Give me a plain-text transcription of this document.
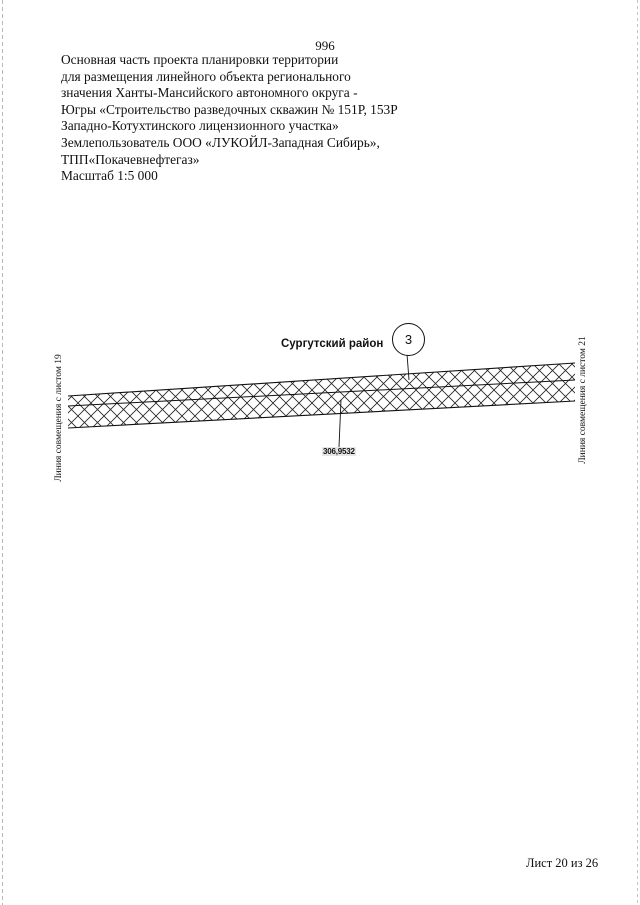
996
Основная часть проекта планировки территории
для размещения линейного объекта регионального
значения Ханты-Мансийского автономного округа -
Югры «Строительство разведочных скважин № 151Р, 153Р
Западно-Котухтинского лицензионного участка»
Землепользователь ООО «ЛУКОЙЛ-Западная Сибирь»,
ТПП«Покачевнефтегаз»
Масштаб 1:5 000
Сургутский район 3
Линия совмещения с листом 19	Линия совмещения с листом 21
306,9532
Лист 20 из 26
